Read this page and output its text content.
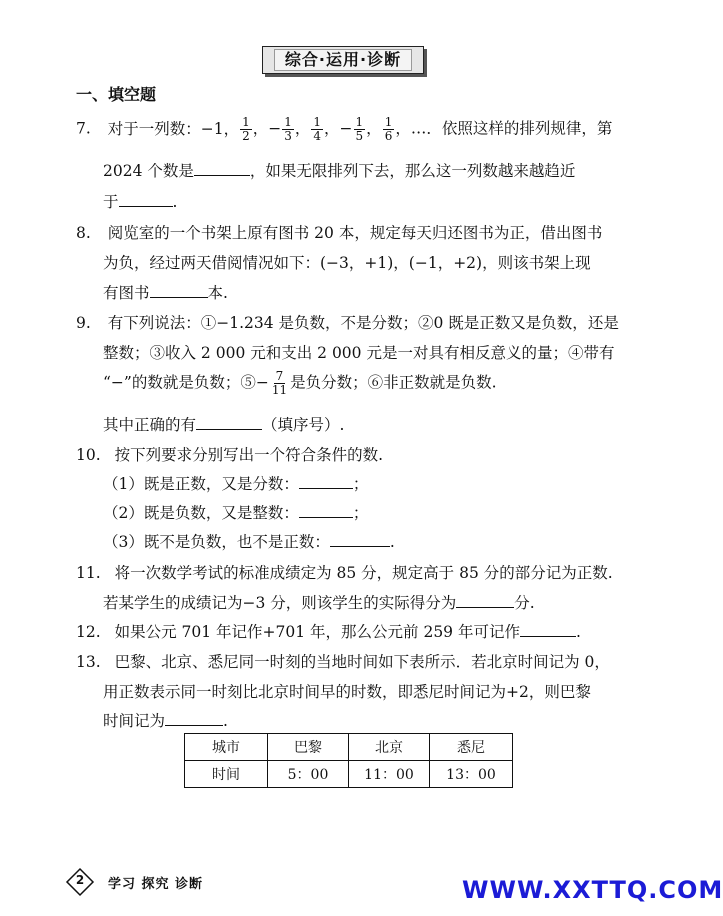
综合·运用·诊断
一、填空题
7. 对于一列数：−1， $\frac{1}{2}$ ，− $\frac{1}{3}$ ， $\frac{1}{4}$ ，− $\frac{1}{5}$ ， $\frac{1}{6}$ ，…．依照这样的排列规律，第
2024 个数是	，如果无限排列下去，那么这一列数越来越趋近
于	.
8. 阅览室的一个书架上原有图书 20 本，规定每天归还图书为正，借出图书
为负，经过两天借阅情况如下：(−3，+1)，(−1，+2)，则该书架上现
有图书	本.
9. 有下列说法：①−1.234 是负数，不是分数；②0 既是正数又是负数，还是
整数；③收入 2 000 元和支出 2 000 元是一对具有相反意义的量；④带有
“−”的数就是负数；⑤− $\frac{7}{11}$ 是负分数；⑥非正数就是负数.
其中正确的有	（填序号）.
10. 按下列要求分别写出一个符合条件的数.
（1）既是正数，又是分数：	；
（2）既是负数，又是整数：	；
（3）既不是负数，也不是正数：	.
11. 将一次数学考试的标准成绩定为 85 分，规定高于 85 分的部分记为正数.
若某学生的成绩记为−3 分，则该学生的实际得分为	分.
12. 如果公元 701 年记作+701 年，那么公元前 259 年可记作	.
13. 巴黎、北京、悉尼同一时刻的当地时间如下表所示．若北京时间记为 0，
用正数表示同一时刻比北京时间早的时数，即悉尼时间记为+2，则巴黎
时间记为	.
城市	巴黎	北京	悉尼
时间	5：00	11：00	13：00
2	学习 探究 诊断	WWW.XXTTQ.COM
